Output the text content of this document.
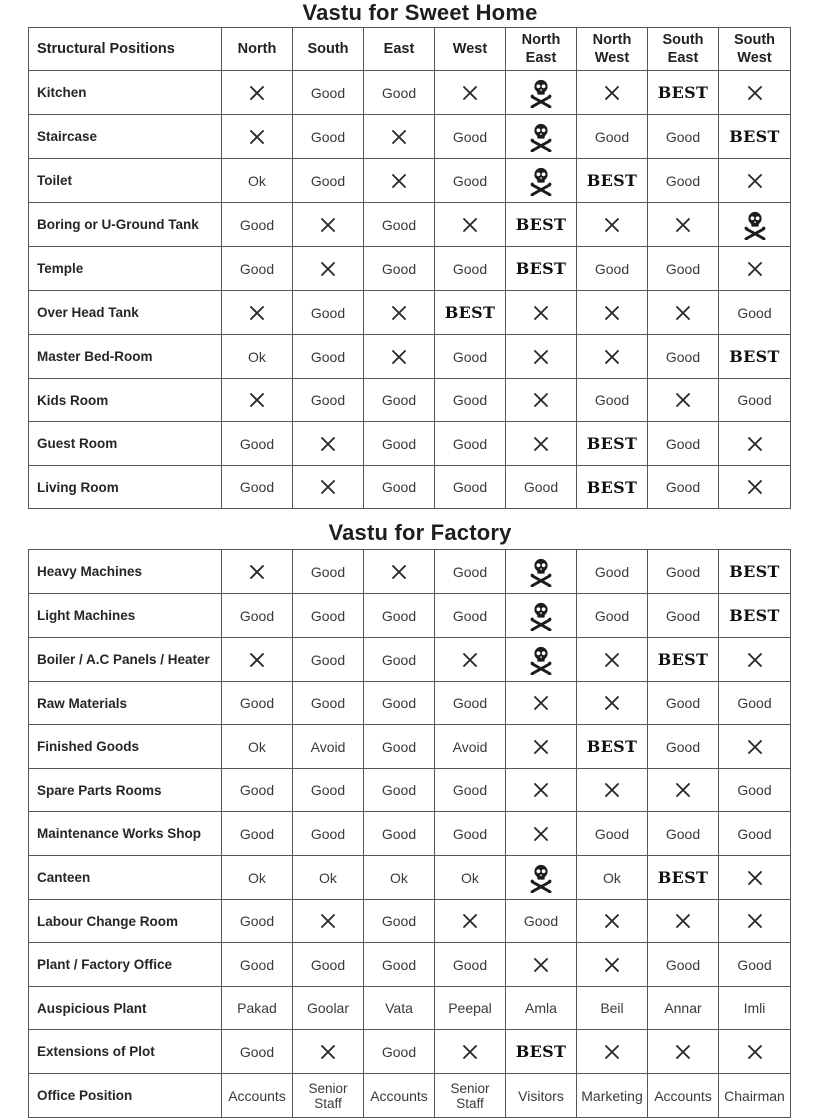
Vastu for Sweet Home
Structural Positions	North	South	East	West	North East	North West	South East	South West
Kitchen		Good	Good				BEST	

Staircase		Good		Good		Good	Good	BEST
Toilet	Ok	Good		Good		BEST	Good	

Boring or U-Ground Tank	Good		Good		BEST	

Temple	Good		Good	Good	BEST	Good	Good	

Over Head Tank		Good		BEST				Good
Master Bed-Room	Ok	Good		Good			Good	BEST
Kids Room		Good	Good	Good		Good		Good
Guest Room	Good		Good	Good		BEST	Good	

Living Room	Good		Good	Good	Good	BEST	Good	
Vastu for Factory
Heavy Machines		Good		Good		Good	Good	BEST
Light Machines	Good	Good	Good	Good		Good	Good	BEST
Boiler / A.C Panels / Heater		Good	Good				BEST	

Raw Materials	Good	Good	Good	Good			Good	Good
Finished Goods	Ok	Avoid	Good	Avoid		BEST	Good	

Spare Parts Rooms	Good	Good	Good	Good				Good
Maintenance Works Shop	Good	Good	Good	Good		Good	Good	Good
Canteen	Ok	Ok	Ok	Ok		Ok	BEST	

Labour Change Room	Good		Good		Good	

Plant / Factory Office	Good	Good	Good	Good			Good	Good
Auspicious Plant	Pakad	Goolar	Vata	Peepal	Amla	Beil	Annar	Imli
Extensions of Plot	Good		Good		BEST	

Office Position	Accounts	Senior Staff	Accounts	Senior Staff	Visitors	Marketing	Accounts	Chairman
